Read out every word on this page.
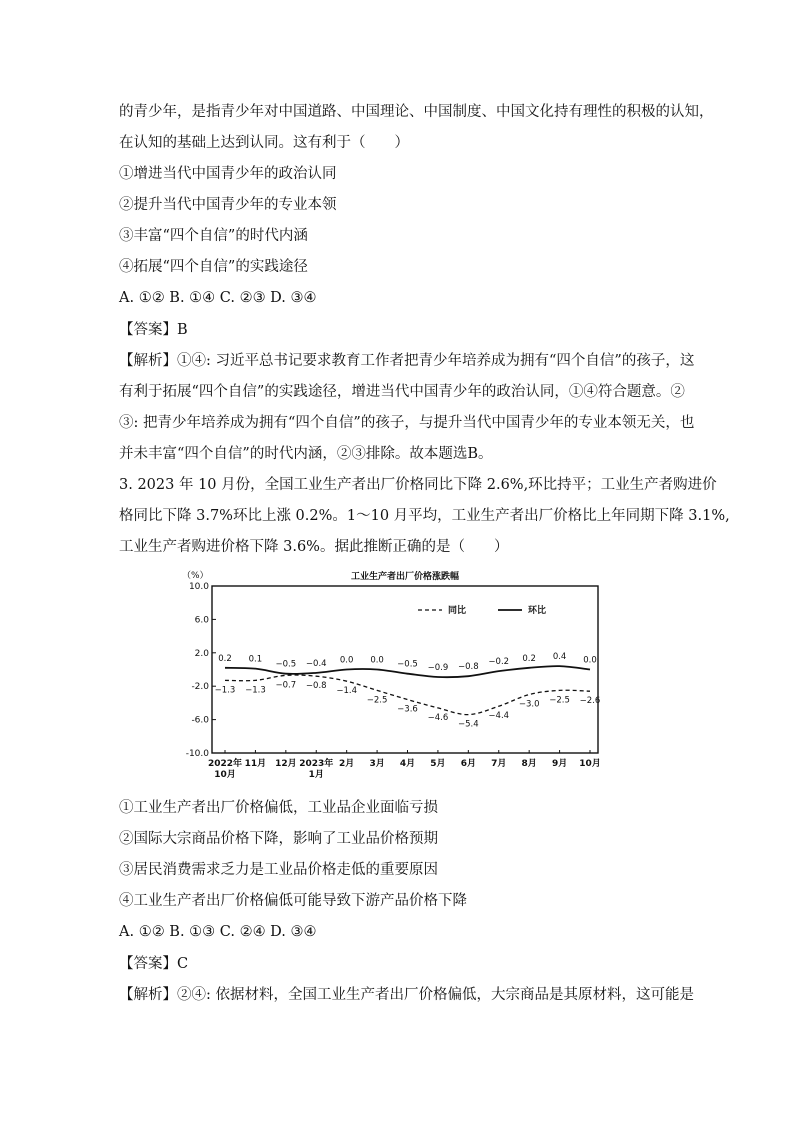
的青少年，是指青少年对中国道路、中国理论、中国制度、中国文化持有理性的积极的认知，
在认知的基础上达到认同。这有利于（　　）
①增进当代中国青少年的政治认同
②提升当代中国青少年的专业本领
③丰富“四个自信”的时代内涵
④拓展“四个自信”的实践途径
A. ①② B. ①④ C. ②③ D. ③④
【答案】B
【解析】①④: 习近平总书记要求教育工作者把青少年培养成为拥有“四个自信”的孩子，这
有利于拓展“四个自信”的实践途径，增进当代中国青少年的政治认同，①④符合题意。②
③: 把青少年培养成为拥有“四个自信”的孩子，与提升当代中国青少年的专业本领无关，也
并未丰富“四个自信”的时代内涵，②③排除。故本题选B。
3. 2023 年 10 月份，全国工业生产者出厂价格同比下降 2.6%,环比持平；工业生产者购进价
格同比下降 3.7%环比上涨 0.2%。1～10 月平均，工业生产者出厂价格比上年同期下降 3.1%,
工业生产者购进价格下降 3.6%。据此推断正确的是（　　）
（%）	工业生产者出厂价格涨跌幅
10.0
6.0
2.0
-2.0
-6.0
-10.0
2022年
10月
11月 12月 2023年
1月
2月 3月 4月 5月 6月 7月 8月 9月 10月
−1.3 −1.3
−0.7 −0.8
−1.4
−2.5
−3.6
−4.6
−5.4
−4.4
−3.0 −2.5 −2.6
0.2 0.1
−0.5 −0.4 0.0 0.0 −0.5 −0.9 −0.8
−0.2 0.2 0.4 0.0
同比	环比
①工业生产者出厂价格偏低，工业品企业面临亏损
②国际大宗商品价格下降，影响了工业品价格预期
③居民消费需求乏力是工业品价格走低的重要原因
④工业生产者出厂价格偏低可能导致下游产品价格下降
A. ①② B. ①③ C. ②④ D. ③④
【答案】C
【解析】②④: 依据材料，全国工业生产者出厂价格偏低，大宗商品是其原材料，这可能是
